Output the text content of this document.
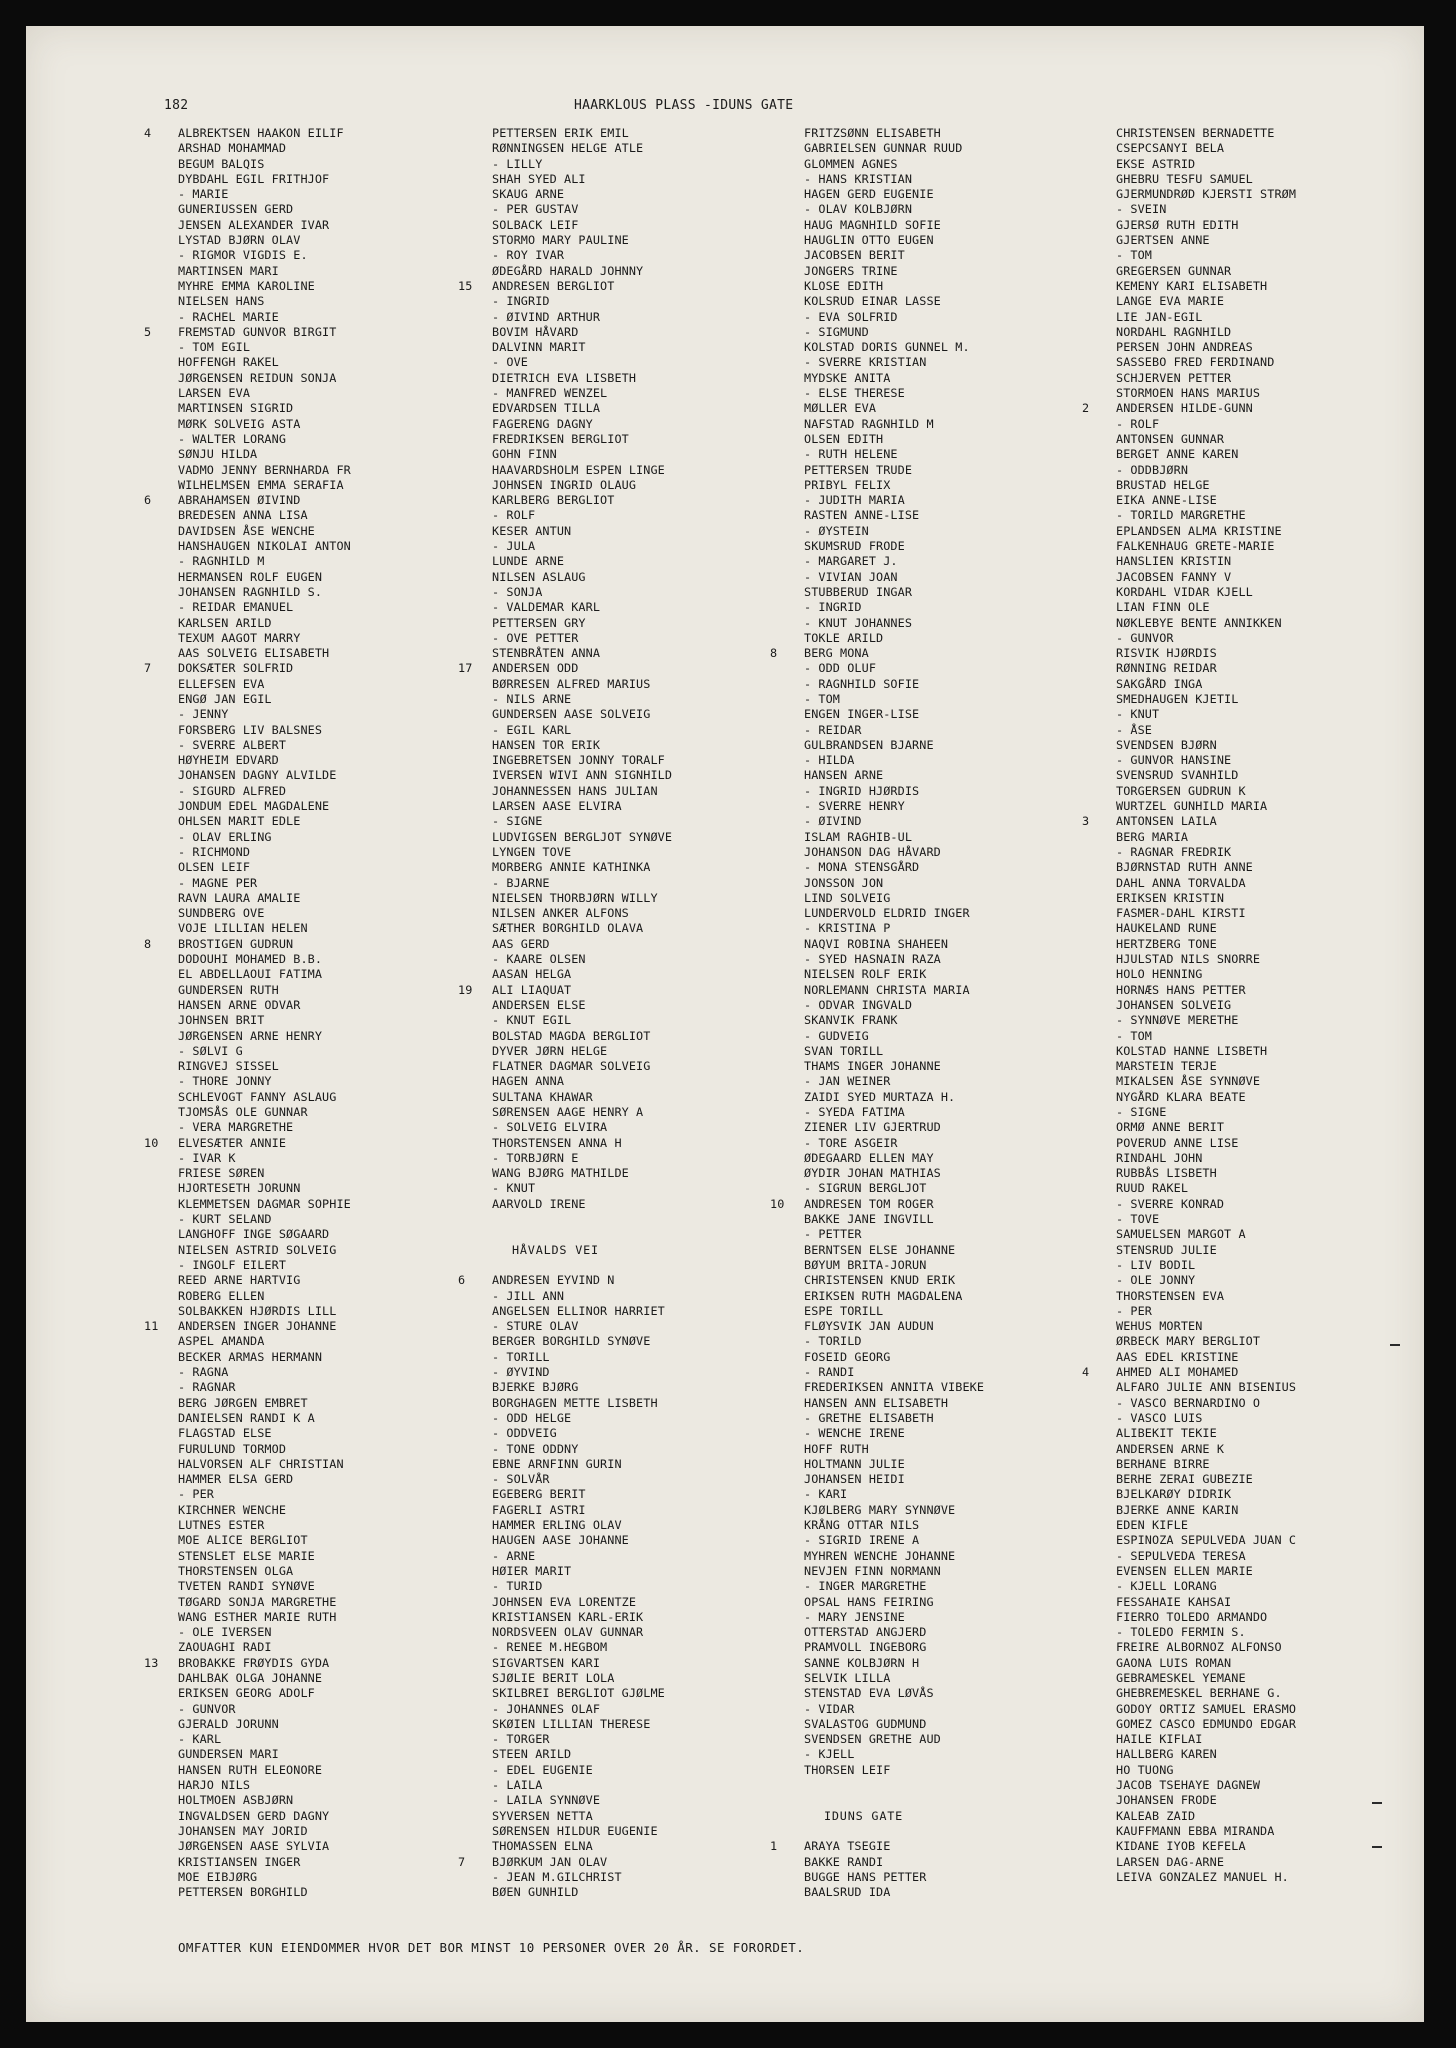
182	HAARKLOUS PLASS -IDUNS GATE
4	ALBREKTSEN HAAKON EILIF
ARSHAD MOHAMMAD
BEGUM BALQIS
DYBDAHL EGIL FRITHJOF
- MARIE
GUNERIUSSEN GERD
JENSEN ALEXANDER IVAR
LYSTAD BJØRN OLAV
- RIGMOR VIGDIS E.
MARTINSEN MARI
MYHRE EMMA KAROLINE
NIELSEN HANS
- RACHEL MARIE
5	FREMSTAD GUNVOR BIRGIT
- TOM EGIL
HOFFENGH RAKEL
JØRGENSEN REIDUN SONJA
LARSEN EVA
MARTINSEN SIGRID
MØRK SOLVEIG ASTA
- WALTER LORANG
SØNJU HILDA
VADMO JENNY BERNHARDA FR
WILHELMSEN EMMA SERAFIA
6	ABRAHAMSEN ØIVIND
BREDESEN ANNA LISA
DAVIDSEN ÅSE WENCHE
HANSHAUGEN NIKOLAI ANTON
- RAGNHILD M
HERMANSEN ROLF EUGEN
JOHANSEN RAGNHILD S.
- REIDAR EMANUEL
KARLSEN ARILD
TEXUM AAGOT MARRY
AAS SOLVEIG ELISABETH
7	DOKSÆTER SOLFRID
ELLEFSEN EVA
ENGØ JAN EGIL
- JENNY
FORSBERG LIV BALSNES
- SVERRE ALBERT
HØYHEIM EDVARD
JOHANSEN DAGNY ALVILDE
- SIGURD ALFRED
JONDUM EDEL MAGDALENE
OHLSEN MARIT EDLE
- OLAV ERLING
- RICHMOND
OLSEN LEIF
- MAGNE PER
RAVN LAURA AMALIE
SUNDBERG OVE
VOJE LILLIAN HELEN
8	BROSTIGEN GUDRUN
DODOUHI MOHAMED B.B.
EL ABDELLAOUI FATIMA
GUNDERSEN RUTH
HANSEN ARNE ODVAR
JOHNSEN BRIT
JØRGENSEN ARNE HENRY
- SØLVI G
RINGVEJ SISSEL
- THORE JONNY
SCHLEVOGT FANNY ASLAUG
TJOMSÅS OLE GUNNAR
- VERA MARGRETHE
10	ELVESÆTER ANNIE
- IVAR K
FRIESE SØREN
HJORTESETH JORUNN
KLEMMETSEN DAGMAR SOPHIE
- KURT SELAND
LANGHOFF INGE SØGAARD
NIELSEN ASTRID SOLVEIG
- INGOLF EILERT
REED ARNE HARTVIG
ROBERG ELLEN
SOLBAKKEN HJØRDIS LILL
11	ANDERSEN INGER JOHANNE
ASPEL AMANDA
BECKER ARMAS HERMANN
- RAGNA
- RAGNAR
BERG JØRGEN EMBRET
DANIELSEN RANDI K A
FLAGSTAD ELSE
FURULUND TORMOD
HALVORSEN ALF CHRISTIAN
HAMMER ELSA GERD
- PER
KIRCHNER WENCHE
LUTNES ESTER
MOE ALICE BERGLIOT
STENSLET ELSE MARIE
THORSTENSEN OLGA
TVETEN RANDI SYNØVE
TØGARD SONJA MARGRETHE
WANG ESTHER MARIE RUTH
- OLE IVERSEN
ZAOUAGHI RADI
13	BROBAKKE FRØYDIS GYDA
DAHLBAK OLGA JOHANNE
ERIKSEN GEORG ADOLF
- GUNVOR
GJERALD JORUNN
- KARL
GUNDERSEN MARI
HANSEN RUTH ELEONORE
HARJO NILS
HOLTMOEN ASBJØRN
INGVALDSEN GERD DAGNY
JOHANSEN MAY JORID
JØRGENSEN AASE SYLVIA
KRISTIANSEN INGER
MOE EIBJØRG
PETTERSEN BORGHILD
PETTERSEN ERIK EMIL
RØNNINGSEN HELGE ATLE
- LILLY
SHAH SYED ALI
SKAUG ARNE
- PER GUSTAV
SOLBACK LEIF
STORMO MARY PAULINE
- ROY IVAR
ØDEGÅRD HARALD JOHNNY
15	ANDRESEN BERGLIOT
- INGRID
- ØIVIND ARTHUR
BOVIM HÅVARD
DALVINN MARIT
- OVE
DIETRICH EVA LISBETH
- MANFRED WENZEL
EDVARDSEN TILLA
FAGERENG DAGNY
FREDRIKSEN BERGLIOT
GOHN FINN
HAAVARDSHOLM ESPEN LINGE
JOHNSEN INGRID OLAUG
KARLBERG BERGLIOT
- ROLF
KESER ANTUN
- JULA
LUNDE ARNE
NILSEN ASLAUG
- SONJA
- VALDEMAR KARL
PETTERSEN GRY
- OVE PETTER
STENBRÅTEN ANNA
17	ANDERSEN ODD
BØRRESEN ALFRED MARIUS
- NILS ARNE
GUNDERSEN AASE SOLVEIG
- EGIL KARL
HANSEN TOR ERIK
INGEBRETSEN JONNY TORALF
IVERSEN WIVI ANN SIGNHILD
JOHANNESSEN HANS JULIAN
LARSEN AASE ELVIRA
- SIGNE
LUDVIGSEN BERGLJOT SYNØVE
LYNGEN TOVE
MORBERG ANNIE KATHINKA
- BJARNE
NIELSEN THORBJØRN WILLY
NILSEN ANKER ALFONS
SÆTHER BORGHILD OLAVA
AAS GERD
- KAARE OLSEN
AASAN HELGA
19	ALI LIAQUAT
ANDERSEN ELSE
- KNUT EGIL
BOLSTAD MAGDA BERGLIOT
DYVER JØRN HELGE
FLATNER DAGMAR SOLVEIG
HAGEN ANNA
SULTANA KHAWAR
SØRENSEN AAGE HENRY A
- SOLVEIG ELVIRA
THORSTENSEN ANNA H
- TORBJØRN E
WANG BJØRG MATHILDE
- KNUT
AARVOLD IRENE
HÅVALDS VEI
6	ANDRESEN EYVIND N
- JILL ANN
ANGELSEN ELLINOR HARRIET
- STURE OLAV
BERGER BORGHILD SYNØVE
- TORILL
- ØYVIND
BJERKE BJØRG
BORGHAGEN METTE LISBETH
- ODD HELGE
- ODDVEIG
- TONE ODDNY
EBNE ARNFINN GURIN
- SOLVÅR
EGEBERG BERIT
FAGERLI ASTRI
HAMMER ERLING OLAV
HAUGEN AASE JOHANNE
- ARNE
HØIER MARIT
- TURID
JOHNSEN EVA LORENTZE
KRISTIANSEN KARL-ERIK
NORDSVEEN OLAV GUNNAR
- RENEE M.HEGBOM
SIGVARTSEN KARI
SJØLIE BERIT LOLA
SKILBREI BERGLIOT GJØLME
- JOHANNES OLAF
SKØIEN LILLIAN THERESE
- TORGER
STEEN ARILD
- EDEL EUGENIE
- LAILA
- LAILA SYNNØVE
SYVERSEN NETTA
SØRENSEN HILDUR EUGENIE
THOMASSEN ELNA
7	BJØRKUM JAN OLAV
- JEAN M.GILCHRIST
BØEN GUNHILD
FRITZSØNN ELISABETH
GABRIELSEN GUNNAR RUUD
GLOMMEN AGNES
- HANS KRISTIAN
HAGEN GERD EUGENIE
- OLAV KOLBJØRN
HAUG MAGNHILD SOFIE
HAUGLIN OTTO EUGEN
JACOBSEN BERIT
JONGERS TRINE
KLOSE EDITH
KOLSRUD EINAR LASSE
- EVA SOLFRID
- SIGMUND
KOLSTAD DORIS GUNNEL M.
- SVERRE KRISTIAN
MYDSKE ANITA
- ELSE THERESE
MØLLER EVA
NAFSTAD RAGNHILD M
OLSEN EDITH
- RUTH HELENE
PETTERSEN TRUDE
PRIBYL FELIX
- JUDITH MARIA
RASTEN ANNE-LISE
- ØYSTEIN
SKUMSRUD FRODE
- MARGARET J.
- VIVIAN JOAN
STUBBERUD INGAR
- INGRID
- KNUT JOHANNES
TOKLE ARILD
8	BERG MONA
- ODD OLUF
- RAGNHILD SOFIE
- TOM
ENGEN INGER-LISE
- REIDAR
GULBRANDSEN BJARNE
- HILDA
HANSEN ARNE
- INGRID HJØRDIS
- SVERRE HENRY
- ØIVIND
ISLAM RAGHIB-UL
JOHANSON DAG HÅVARD
- MONA STENSGÅRD
JONSSON JON
LIND SOLVEIG
LUNDERVOLD ELDRID INGER
- KRISTINA P
NAQVI ROBINA SHAHEEN
- SYED HASNAIN RAZA
NIELSEN ROLF ERIK
NORLEMANN CHRISTA MARIA
- ODVAR INGVALD
SKANVIK FRANK
- GUDVEIG
SVAN TORILL
THAMS INGER JOHANNE
- JAN WEINER
ZAIDI SYED MURTAZA H.
- SYEDA FATIMA
ZIENER LIV GJERTRUD
- TORE ASGEIR
ØDEGAARD ELLEN MAY
ØYDIR JOHAN MATHIAS
- SIGRUN BERGLJOT
10	ANDRESEN TOM ROGER
BAKKE JANE INGVILL
- PETTER
BERNTSEN ELSE JOHANNE
BØYUM BRITA-JORUN
CHRISTENSEN KNUD ERIK
ERIKSEN RUTH MAGDALENA
ESPE TORILL
FLØYSVIK JAN AUDUN
- TORILD
FOSEID GEORG
- RANDI
FREDERIKSEN ANNITA VIBEKE
HANSEN ANN ELISABETH
- GRETHE ELISABETH
- WENCHE IRENE
HOFF RUTH
HOLTMANN JULIE
JOHANSEN HEIDI
- KARI
KJØLBERG MARY SYNNØVE
KRÅNG OTTAR NILS
- SIGRID IRENE A
MYHREN WENCHE JOHANNE
NEVJEN FINN NORMANN
- INGER MARGRETHE
OPSAL HANS FEIRING
- MARY JENSINE
OTTERSTAD ANGJERD
PRAMVOLL INGEBORG
SANNE KOLBJØRN H
SELVIK LILLA
STENSTAD EVA LØVÅS
- VIDAR
SVALASTOG GUDMUND
SVENDSEN GRETHE AUD
- KJELL
THORSEN LEIF
IDUNS GATE
1	ARAYA TSEGIE
BAKKE RANDI
BUGGE HANS PETTER
BAALSRUD IDA
CHRISTENSEN BERNADETTE
CSEPCSANYI BELA
EKSE ASTRID
GHEBRU TESFU SAMUEL
GJERMUNDRØD KJERSTI STRØM
- SVEIN
GJERSØ RUTH EDITH
GJERTSEN ANNE
- TOM
GREGERSEN GUNNAR
KEMENY KARI ELISABETH
LANGE EVA MARIE
LIE JAN-EGIL
NORDAHL RAGNHILD
PERSEN JOHN ANDREAS
SASSEBO FRED FERDINAND
SCHJERVEN PETTER
STORMOEN HANS MARIUS
2	ANDERSEN HILDE-GUNN
- ROLF
ANTONSEN GUNNAR
BERGET ANNE KAREN
- ODDBJØRN
BRUSTAD HELGE
EIKA ANNE-LISE
- TORILD MARGRETHE
EPLANDSEN ALMA KRISTINE
FALKENHAUG GRETE-MARIE
HANSLIEN KRISTIN
JACOBSEN FANNY V
KORDAHL VIDAR KJELL
LIAN FINN OLE
NØKLEBYE BENTE ANNIKKEN
- GUNVOR
RISVIK HJØRDIS
RØNNING REIDAR
SAKGÅRD INGA
SMEDHAUGEN KJETIL
- KNUT
- ÅSE
SVENDSEN BJØRN
- GUNVOR HANSINE
SVENSRUD SVANHILD
TORGERSEN GUDRUN K
WURTZEL GUNHILD MARIA
3	ANTONSEN LAILA
BERG MARIA
- RAGNAR FREDRIK
BJØRNSTAD RUTH ANNE
DAHL ANNA TORVALDA
ERIKSEN KRISTIN
FASMER-DAHL KIRSTI
HAUKELAND RUNE
HERTZBERG TONE
HJULSTAD NILS SNORRE
HOLO HENNING
HORNÆS HANS PETTER
JOHANSEN SOLVEIG
- SYNNØVE MERETHE
- TOM
KOLSTAD HANNE LISBETH
MARSTEIN TERJE
MIKALSEN ÅSE SYNNØVE
NYGÅRD KLARA BEATE
- SIGNE
ORMØ ANNE BERIT
POVERUD ANNE LISE
RINDAHL JOHN
RUBBÅS LISBETH
RUUD RAKEL
- SVERRE KONRAD
- TOVE
SAMUELSEN MARGOT A
STENSRUD JULIE
- LIV BODIL
- OLE JONNY
THORSTENSEN EVA
- PER
WEHUS MORTEN
ØRBECK MARY BERGLIOT
AAS EDEL KRISTINE
4	AHMED ALI MOHAMED
ALFARO JULIE ANN BISENIUS
- VASCO BERNARDINO O
- VASCO LUIS
ALIBEKIT TEKIE
ANDERSEN ARNE K
BERHANE BIRRE
BERHE ZERAI GUBEZIE
BJELKARØY DIDRIK
BJERKE ANNE KARIN
EDEN KIFLE
ESPINOZA SEPULVEDA JUAN C
- SEPULVEDA TERESA
EVENSEN ELLEN MARIE
- KJELL LORANG
FESSAHAIE KAHSAI
FIERRO TOLEDO ARMANDO
- TOLEDO FERMIN S.
FREIRE ALBORNOZ ALFONSO
GAONA LUIS ROMAN
GEBRAMESKEL YEMANE
GHEBREMESKEL BERHANE G.
GODOY ORTIZ SAMUEL ERASMO
GOMEZ CASCO EDMUNDO EDGAR
HAILE KIFLAI
HALLBERG KAREN
HO TUONG
JACOB TSEHAYE DAGNEW
JOHANSEN FRODE
KALEAB ZAID
KAUFFMANN EBBA MIRANDA
KIDANE IYOB KEFELA
LARSEN DAG-ARNE
LEIVA GONZALEZ MANUEL H.
OMFATTER KUN EIENDOMMER HVOR DET BOR MINST 10 PERSONER OVER 20 ÅR. SE FORORDET.
